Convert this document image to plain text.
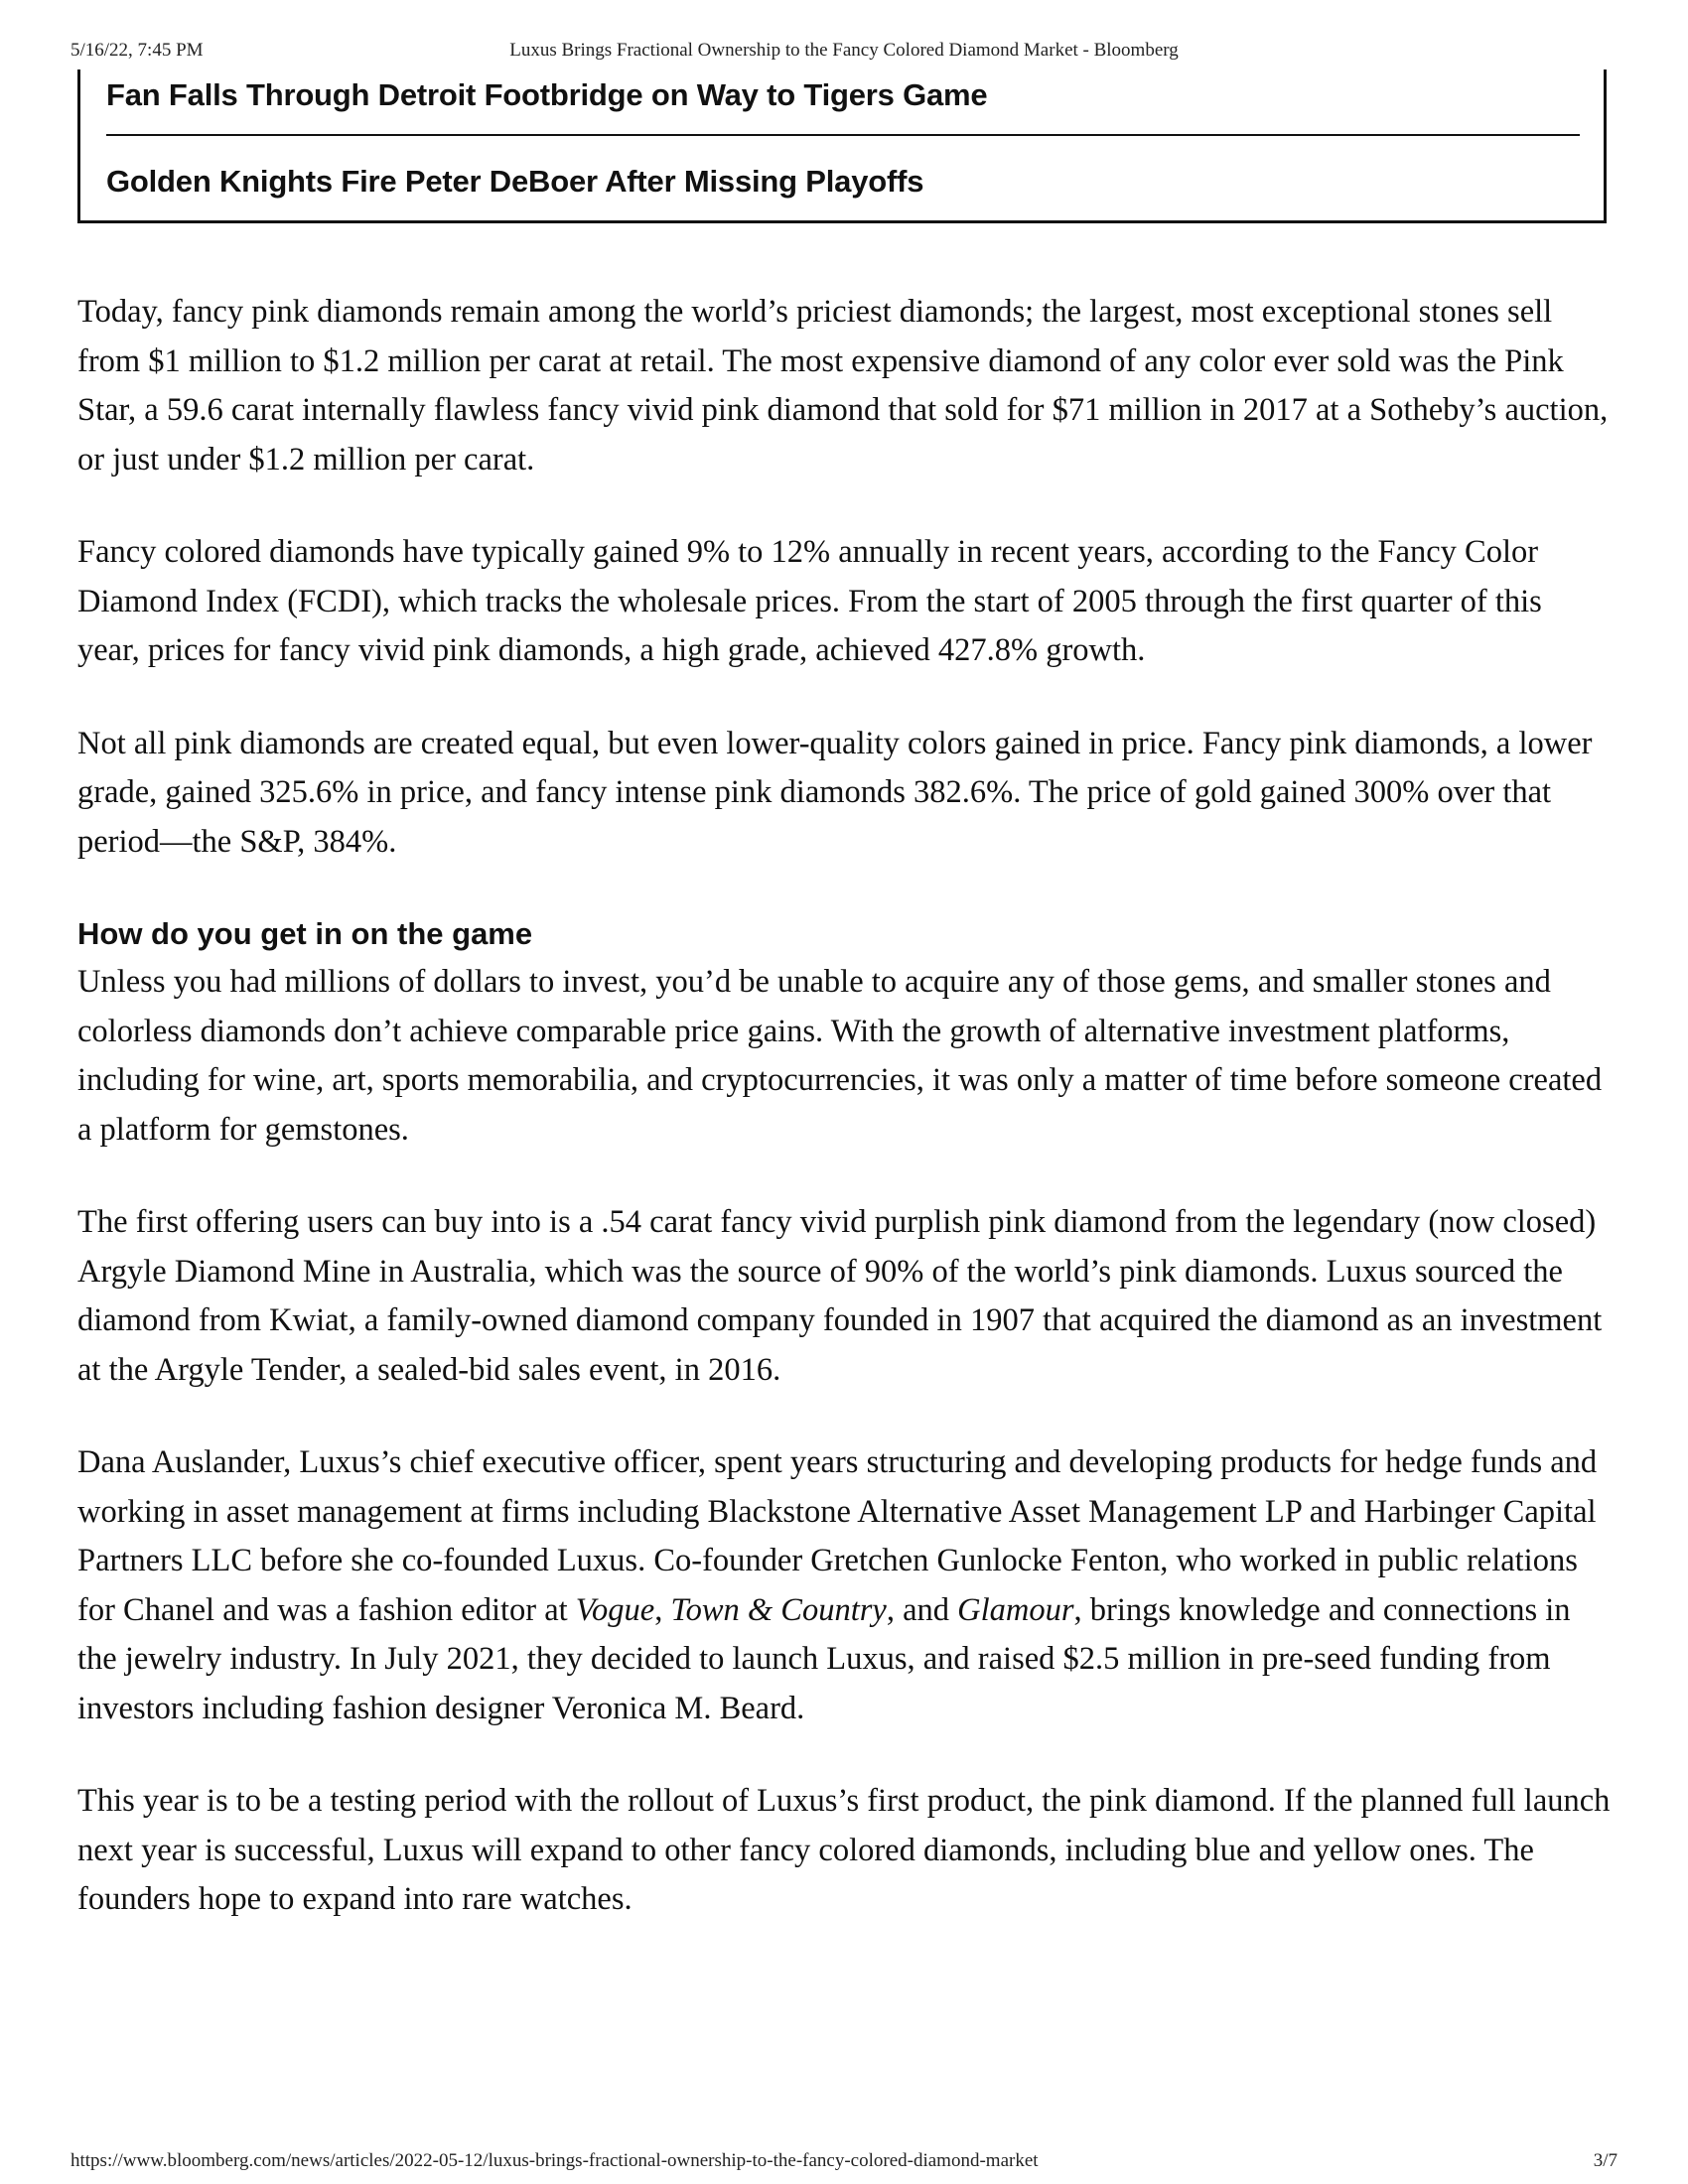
5/16/22, 7:45 PM	Luxus Brings Fractional Ownership to the Fancy Colored Diamond Market - Bloomberg
Fan Falls Through Detroit Footbridge on Way to Tigers Game
Golden Knights Fire Peter DeBoer After Missing Playoffs

Today, fancy pink diamonds remain among the world’s priciest diamonds; the largest, most exceptional stones sell from $1 million to $1.2 million per carat at retail. The most expensive diamond of any color ever sold was the Pink Star, a 59.6 carat internally flawless fancy vivid pink diamond that sold for $71 million in 2017 at a Sotheby’s auction, or just under $1.2 million per carat.

Fancy colored diamonds have typically gained 9% to 12% annually in recent years, according to the Fancy Color Diamond Index (FCDI), which tracks the wholesale prices. From the start of 2005 through the first quarter of this year, prices for fancy vivid pink diamonds, a high grade, achieved 427.8% growth.

Not all pink diamonds are created equal, but even lower-quality colors gained in price. Fancy pink diamonds, a lower grade, gained 325.6% in price, and fancy intense pink diamonds 382.6%. The price of gold gained 300% over that period—the S&P, 384%.

How do you get in on the game

Unless you had millions of dollars to invest, you’d be unable to acquire any of those gems, and smaller stones and colorless diamonds don’t achieve comparable price gains. With the growth of alternative investment platforms, including for wine, art, sports memorabilia, and cryptocurrencies, it was only a matter of time before someone created a platform for gemstones.

The first offering users can buy into is a .54 carat fancy vivid purplish pink diamond from the legendary (now closed) Argyle Diamond Mine in Australia, which was the source of 90% of the world’s pink diamonds. Luxus sourced the diamond from Kwiat, a family-owned diamond company founded in 1907 that acquired the diamond as an investment at the Argyle Tender, a sealed-bid sales event, in 2016.

Dana Auslander, Luxus’s chief executive officer, spent years structuring and developing products for hedge funds and working in asset management at firms including Blackstone Alternative Asset Management LP and Harbinger Capital Partners LLC before she co-founded Luxus. Co-founder Gretchen Gunlocke Fenton, who worked in public relations for Chanel and was a fashion editor at Vogue, Town & Country, and Glamour, brings knowledge and connections in the jewelry industry. In July 2021, they decided to launch Luxus, and raised $2.5 million in pre-seed funding from investors including fashion designer Veronica M. Beard.

This year is to be a testing period with the rollout of Luxus’s first product, the pink diamond. If the planned full launch next year is successful, Luxus will expand to other fancy colored diamonds, including blue and yellow ones. The founders hope to expand into rare watches.

https://www.bloomberg.com/news/articles/2022-05-12/luxus-brings-fractional-ownership-to-the-fancy-colored-diamond-market	3/7
